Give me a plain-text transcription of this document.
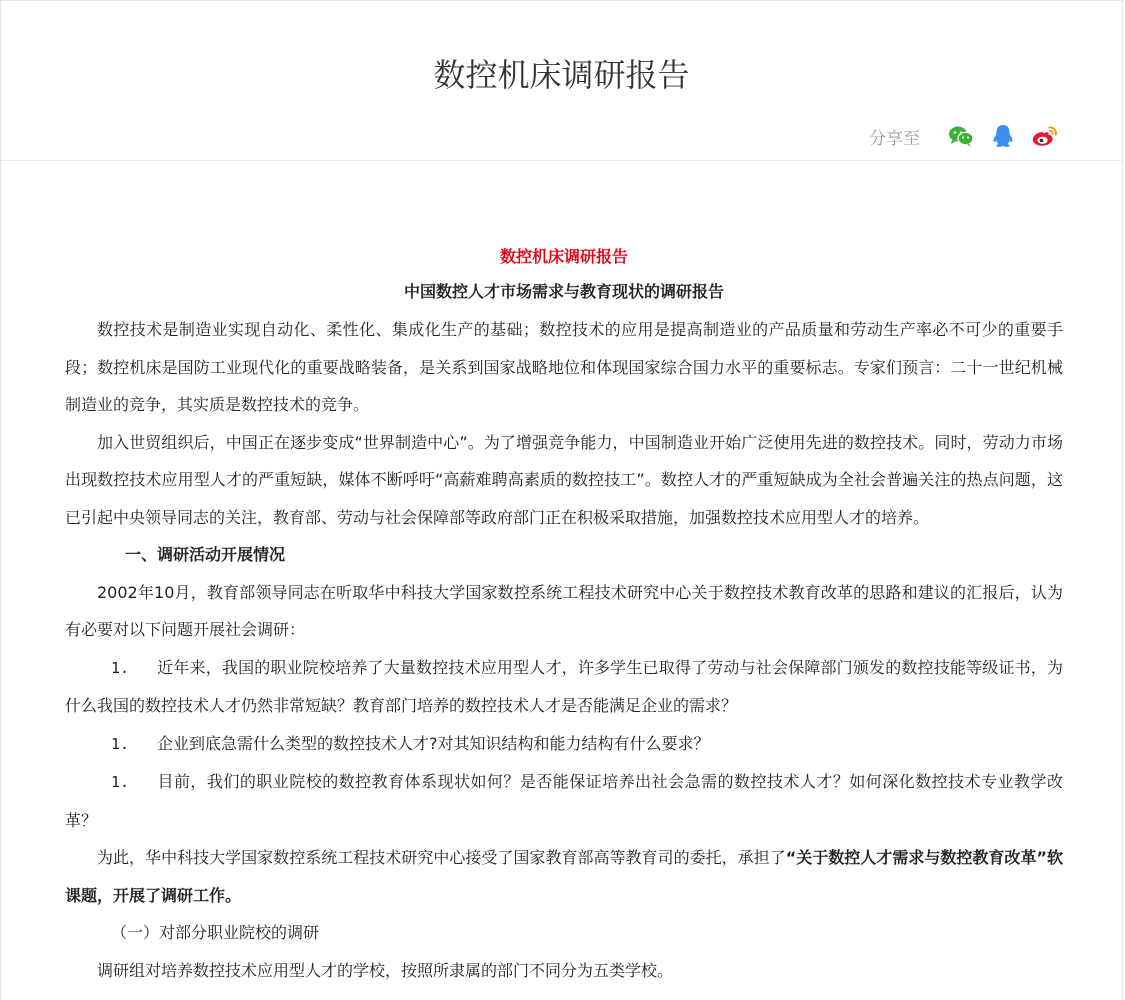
数控机床调研报告
分享至

数控机床调研报告

中国数控人才市场需求与教育现状的调研报告

数控技术是制造业实现自动化、柔性化、集成化生产的基础；数控技术的应用是提高制造业的产品质量和劳动生产率必不可少的重要手段；数控机床是国防工业现代化的重要战略装备，是关系到国家战略地位和体现国家综合国力水平的重要标志。专家们预言：二十一世纪机械制造业的竞争，其实质是数控技术的竞争。

加入世贸组织后，中国正在逐步变成“世界制造中心”。为了增强竞争能力，中国制造业开始广泛使用先进的数控技术。同时，劳动力市场出现数控技术应用型人才的严重短缺，媒体不断呼吁“高薪难聘高素质的数控技工”。数控人才的严重短缺成为全社会普遍关注的热点问题，这已引起中央领导同志的关注，教育部、劳动与社会保障部等政府部门正在积极采取措施，加强数控技术应用型人才的培养。

一、调研活动开展情况

2002年10月，教育部领导同志在听取华中科技大学国家数控系统工程技术研究中心关于数控技术教育改革的思路和建议的汇报后，认为有必要对以下问题开展社会调研：

1. 近年来，我国的职业院校培养了大量数控技术应用型人才，许多学生已取得了劳动与社会保障部门颁发的数控技能等级证书，为什么我国的数控技术人才仍然非常短缺？教育部门培养的数控技术人才是否能满足企业的需求？

1. 企业到底急需什么类型的数控技术人才?对其知识结构和能力结构有什么要求？

1. 目前，我们的职业院校的数控教育体系现状如何？是否能保证培养出社会急需的数控技术人才？如何深化数控技术专业教学改革？

为此，华中科技大学国家数控系统工程技术研究中心接受了国家教育部高等教育司的委托，承担了“关于数控人才需求与数控教育改革”软课题，开展了调研工作。

（一）对部分职业院校的调研

调研组对培养数控技术应用型人才的学校，按照所隶属的部门不同分为五类学校。
